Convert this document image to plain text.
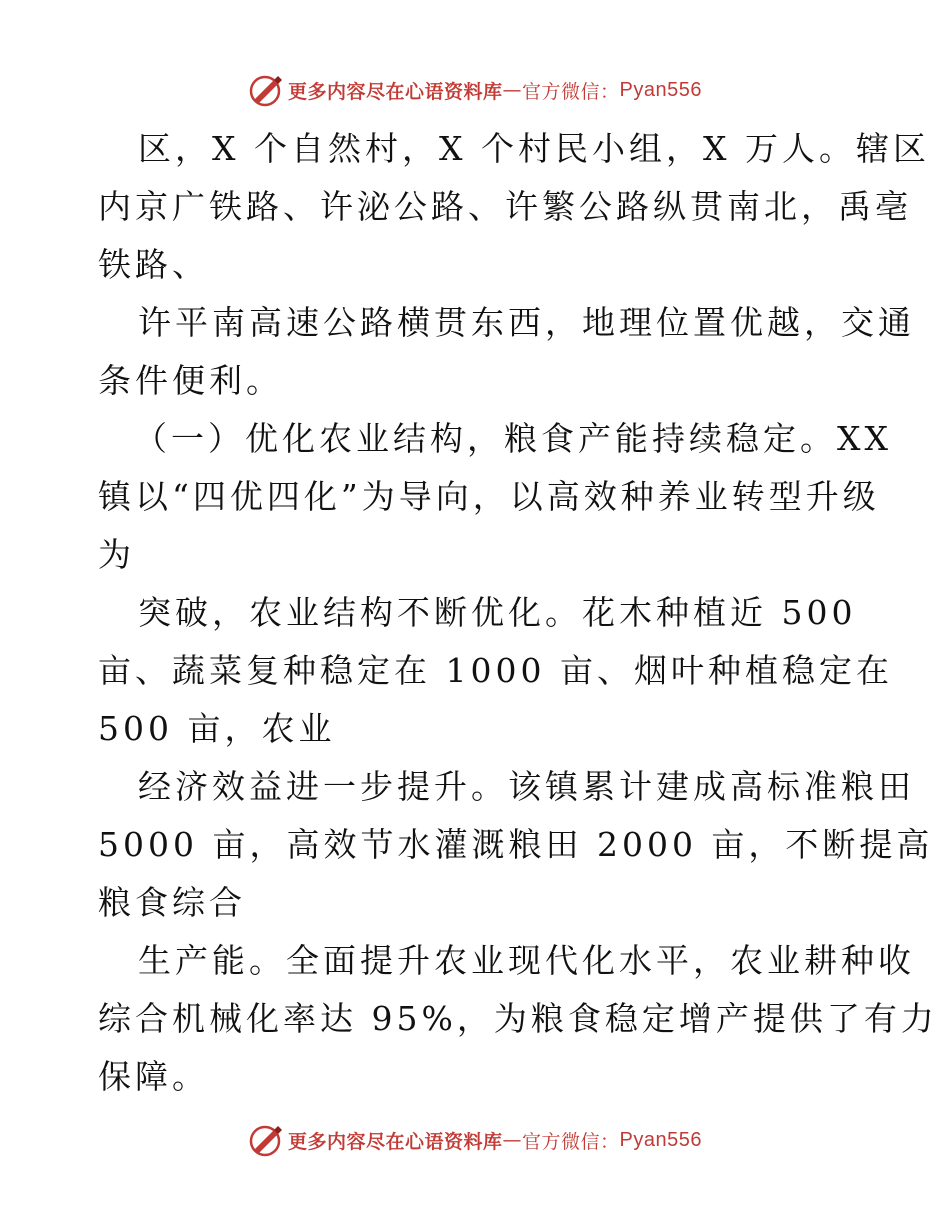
更多内容尽在心语资料库 — 官方微信： Pyan556
区，X 个自然村，X 个村民小组，X 万人。辖区
内京广铁路、许泌公路、许繁公路纵贯南北，禹亳
铁路、
许平南高速公路横贯东西，地理位置优越，交通
条件便利。
（一）优化农业结构，粮食产能持续稳定。XX
镇以“四优四化”为导向，以高效种养业转型升级
为
突破，农业结构不断优化。花木种植近 500
亩、蔬菜复种稳定在 1000 亩、烟叶种植稳定在
500 亩，农业
经济效益进一步提升。该镇累计建成高标准粮田
5000 亩，高效节水灌溉粮田 2000 亩，不断提高
粮食综合
生产能。全面提升农业现代化水平，农业耕种收
综合机械化率达 95%，为粮食稳定增产提供了有力
保障。
更多内容尽在心语资料库 — 官方微信： Pyan556
